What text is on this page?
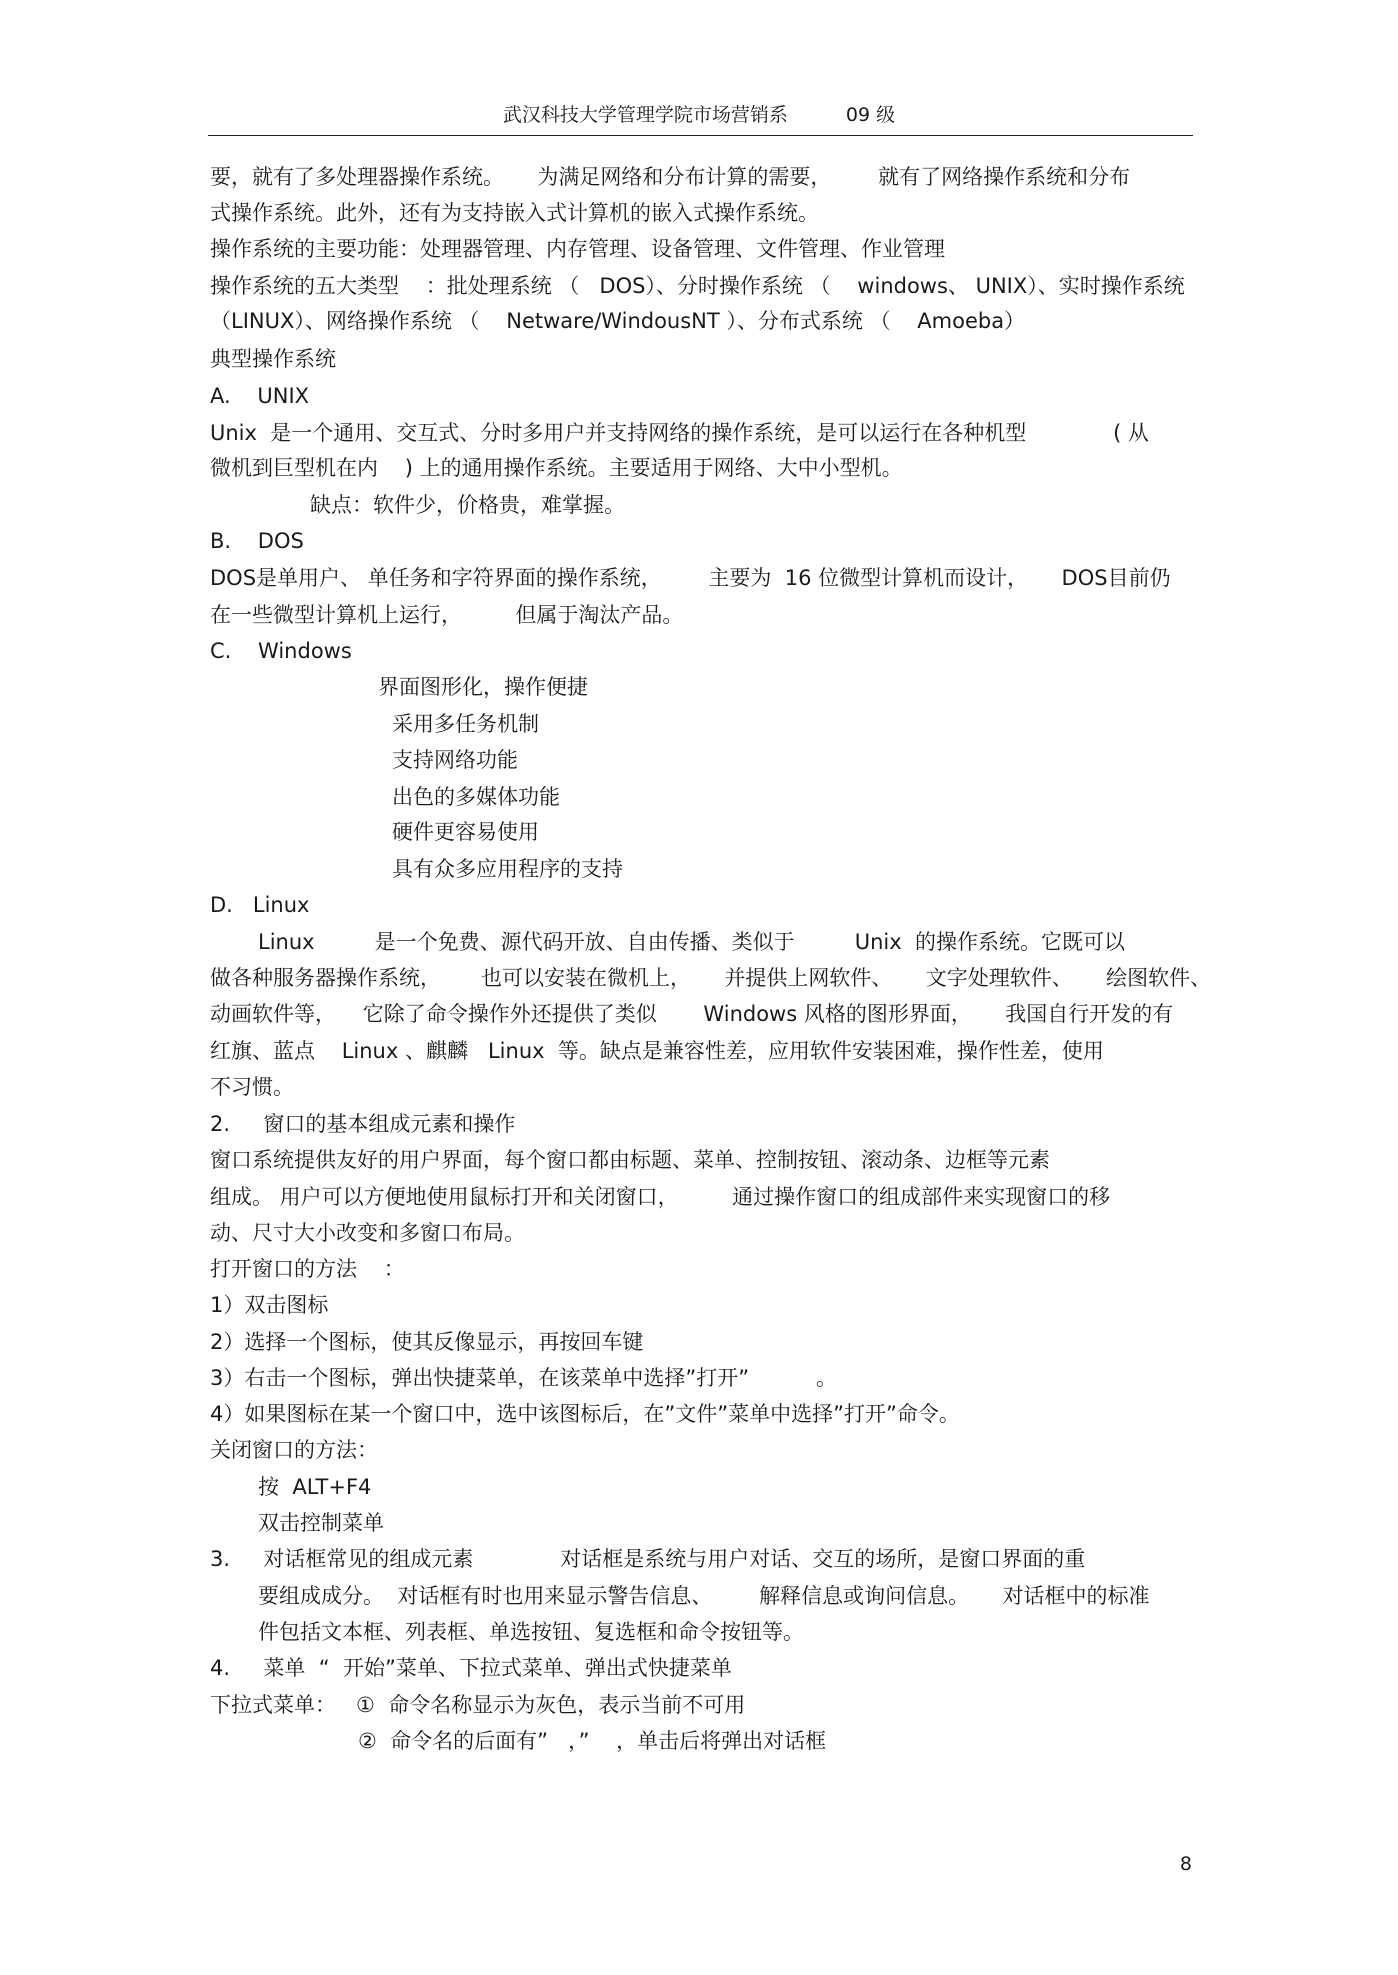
武汉科技大学管理学院市场营销系	09 级
要，就有了多处理器操作系统。     为满足网络和分布计算的需要，       就有了网络操作系统和分布
式操作系统。此外，还有为支持嵌入式计算机的嵌入式操作系统。
操作系统的主要功能：处理器管理、内存管理、设备管理、文件管理、作业管理
操作系统的五大类型    ：批处理系统 （   DOS）、分时操作系统 （    windows、 UNIX）、实时操作系统
（LINUX）、网络操作系统 （    Netware/WindousNT ）、分布式系统 （    Amoeba）
典型操作系统
A.    UNIX
Unix  是一个通用、交互式、分时多用户并支持网络的操作系统，是可以运行在各种机型             ( 从
微机到巨型机在内    ) 上的通用操作系统。主要适用于网络、大中小型机。
缺点：软件少，价格贵，难掌握。
B.    DOS
DOS是单用户、 单任务和字符界面的操作系统，       主要为  16 位微型计算机而设计，     DOS目前仍
在一些微型计算机上运行，        但属于淘汰产品。
C.    Windows
界面图形化，操作便捷
采用多任务机制
支持网络功能
出色的多媒体功能
硬件更容易使用
具有众多应用程序的支持
D.   Linux
Linux         是一个免费、源代码开放、自由传播、类似于         Unix  的操作系统。它既可以
做各种服务器操作系统，      也可以安装在微机上，     并提供上网软件、     文字处理软件、     绘图软件、
动画软件等，    它除了命令操作外还提供了类似       Windows 风格的图形界面，     我国自行开发的有
红旗、蓝点    Linux 、麒麟   Linux  等。缺点是兼容性差，应用软件安装困难，操作性差，使用
不习惯。
2.     窗口的基本组成元素和操作
窗口系统提供友好的用户界面，每个窗口都由标题、菜单、控制按钮、滚动条、边框等元素
组成。 用户可以方便地使用鼠标打开和关闭窗口，        通过操作窗口的组成部件来实现窗口的移
动、尺寸大小改变和多窗口布局。
打开窗口的方法    ：
1）双击图标
2）选择一个图标，使其反像显示，再按回车键
3）右击一个图标，弹出快捷菜单，在该菜单中选择”打开”          。
4）如果图标在某一个窗口中，选中该图标后，在”文件”菜单中选择”打开”命令。
关闭窗口的方法：
按  ALT+F4
双击控制菜单
3.     对话框常见的组成元素             对话框是系统与用户对话、交互的场所，是窗口界面的重
要组成成分。  对话框有时也用来显示警告信息、       解释信息或询问信息。     对话框中的标准
件包括文本框、列表框、单选按钮、复选框和命令按钮等。
4.     菜单  “  开始”菜单、下拉式菜单、弹出式快捷菜单
下拉式菜单：   ①  命令名称显示为灰色，表示当前不可用
②  命令名的后面有”   ，”    ，单击后将弹出对话框
8
